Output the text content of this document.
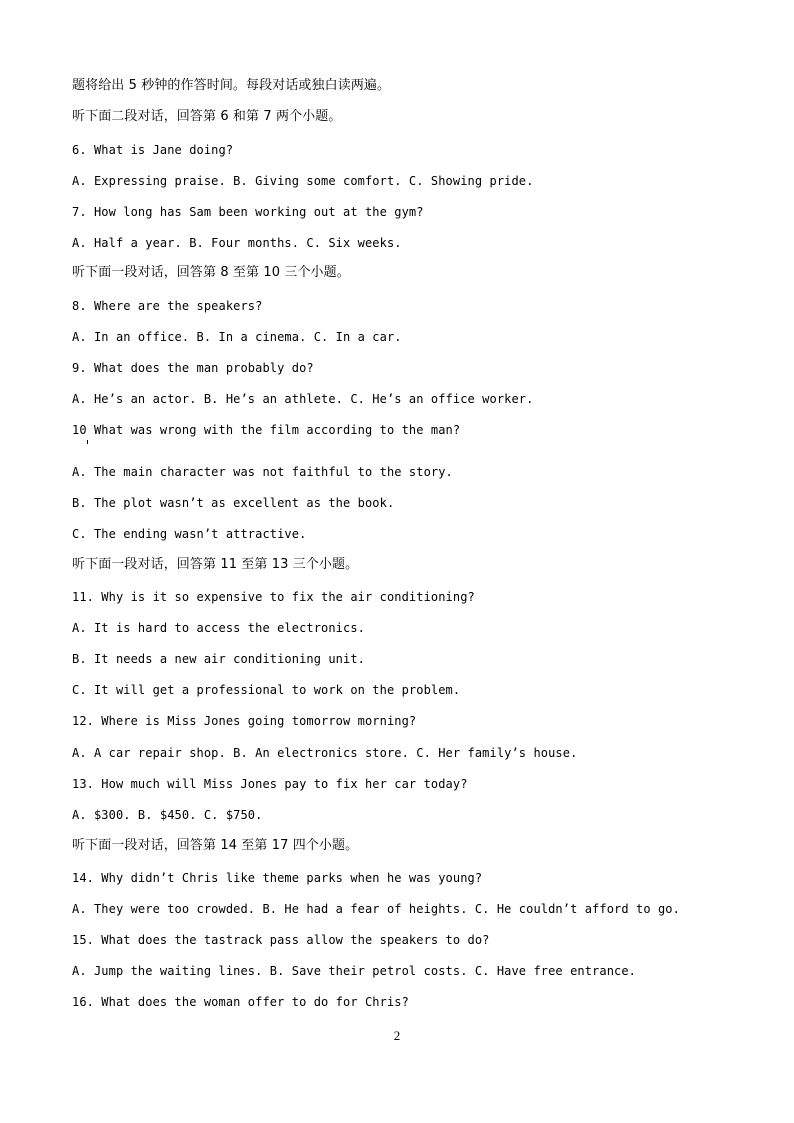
题将给出 5 秒钟的作答时间。每段对话或独白读两遍。
听下面二段对话，回答第 6 和第 7 两个小题。
6. What is Jane doing?
A. Expressing praise. B. Giving some comfort. C. Showing pride.
7. How long has Sam been working out at the gym?
A. Half a year. B. Four months. C. Six weeks.
听下面一段对话，回答第 8 至第 10 三个小题。
8. Where are the speakers?
A. In an office. B. In a cinema. C. In a car.
9. What does the man probably do?
A. He’s an actor. B. He’s an athlete. C. He’s an office worker.
10 What was wrong with the film according to the man?
A. The main character was not faithful to the story.
B. The plot wasn’t as excellent as the book.
C. The ending wasn’t attractive.
听下面一段对话，回答第 11 至第 13 三个小题。
11. Why is it so expensive to fix the air conditioning?
A. It is hard to access the electronics.
B. It needs a new air conditioning unit.
C. It will get a professional to work on the problem.
12. Where is Miss Jones going tomorrow morning?
A. A car repair shop. B. An electronics store. C. Her family’s house.
13. How much will Miss Jones pay to fix her car today?
A. $300. B. $450. C. $750.
听下面一段对话，回答第 14 至第 17 四个小题。
14. Why didn’t Chris like theme parks when he was young?
A. They were too crowded. B. He had a fear of heights. C. He couldn’t afford to go.
15. What does the tastrack pass allow the speakers to do?
A. Jump the waiting lines. B. Save their petrol costs. C. Have free entrance.
16. What does the woman offer to do for Chris?
2
